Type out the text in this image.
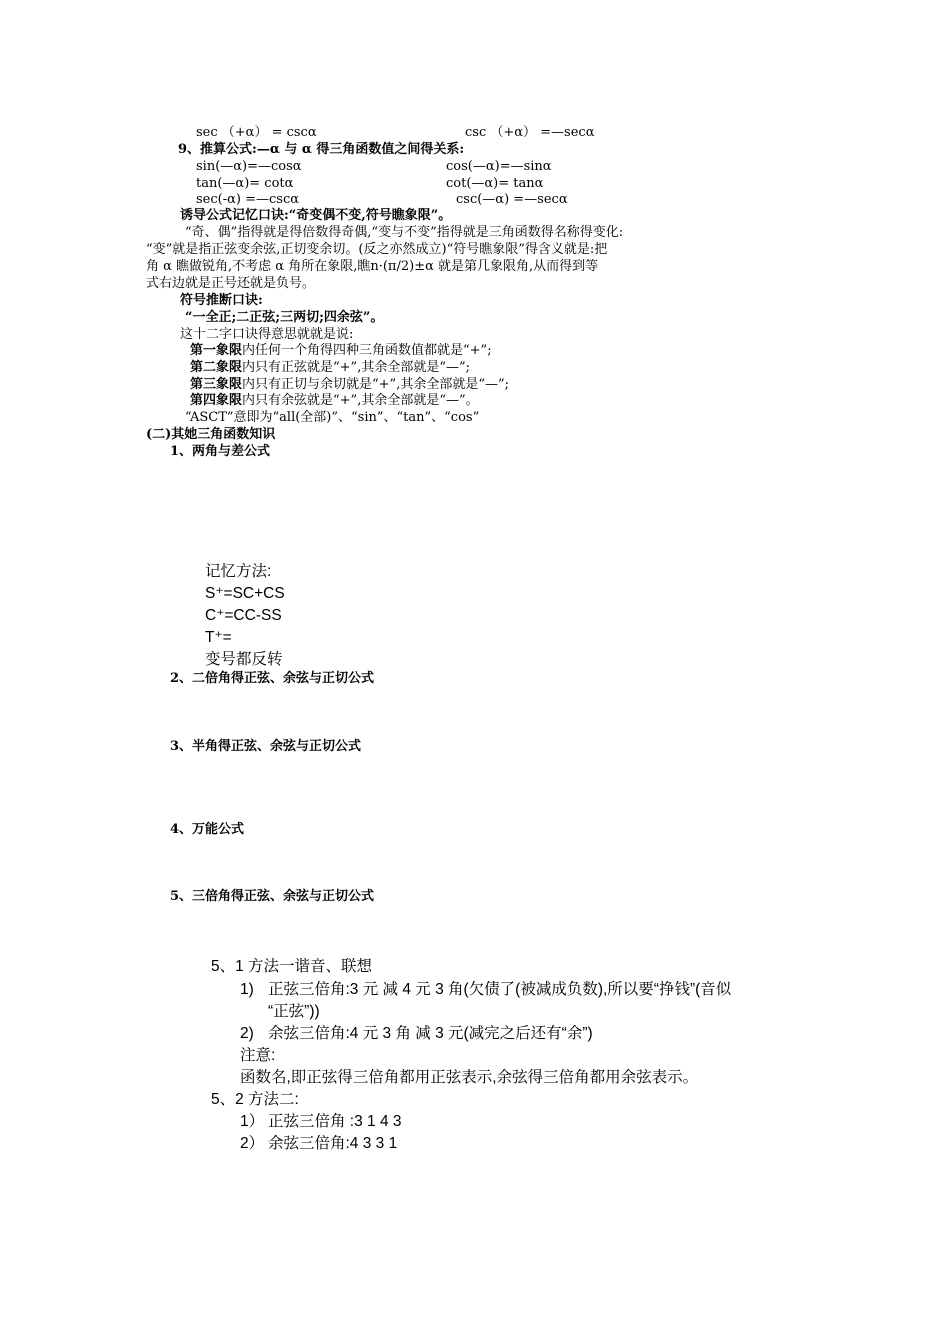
sec （+α） = cscα	csc （+α） =—secα
9、推算公式:—α 与 α 得三角函数值之间得关系:
sin(—α)=—cosα	cos(—α)=—sinα
tan(—α)= cotα	cot(—α)= tanα
sec(-α) =—cscα	csc(—α) =—secα
诱导公式记忆口诀:“奇变偶不变,符号瞧象限”。
“奇、偶”指得就是得倍数得奇偶,“变与不变”指得就是三角函数得名称得变化:
“变”就是指正弦变余弦,正切变余切。(反之亦然成立)“符号瞧象限”得含义就是:把
角 α 瞧做锐角,不考虑 α 角所在象限,瞧n·(π/2)±α 就是第几象限角,从而得到等
式右边就是正号还就是负号。
符号推断口诀:
“一全正;二正弦;三两切;四余弦”。
这十二字口诀得意思就就是说:
第一象限内任何一个角得四种三角函数值都就是“+”;
第二象限内只有正弦就是“+”,其余全部就是“—”;
第三象限内只有正切与余切就是“+”,其余全部就是“—”;
第四象限内只有余弦就是“+”,其余全部就是“—”。
“ASCT”意即为“all(全部)”、“sin”、“tan”、“cos”
(二)其她三角函数知识
1、两角与差公式
记忆方法:
S⁺=SC+CS
C⁺=CC-SS
T⁺=
变号都反转
2、二倍角得正弦、余弦与正切公式
3、半角得正弦、余弦与正切公式
4、万能公式
5、三倍角得正弦、余弦与正切公式
5、1 方法一谐音、联想
1) 正弦三倍角:3 元 减 4 元 3 角(欠债了(被减成负数),所以要“挣钱”(音似
“正弦”))
2) 余弦三倍角:4 元 3 角 减 3 元(减完之后还有“余”)
注意:
函数名,即正弦得三倍角都用正弦表示,余弦得三倍角都用余弦表示。
5、2 方法二:
1） 正弦三倍角 :3 1 4 3
2） 余弦三倍角:4 3 3 1
